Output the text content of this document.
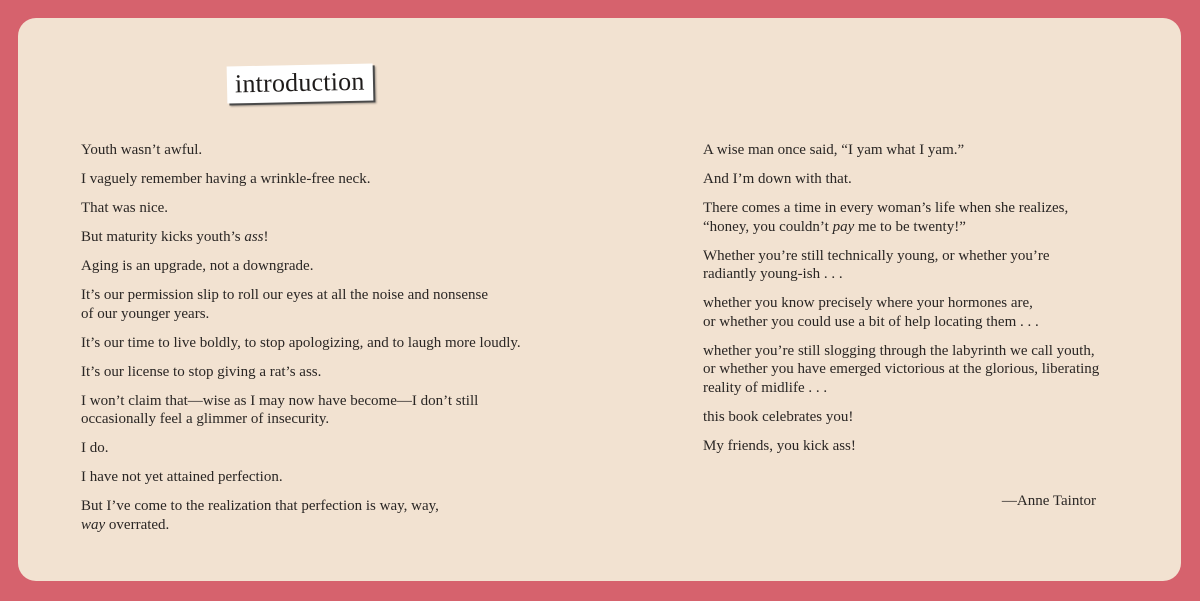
introduction

Youth wasn’t awful.

I vaguely remember having a wrinkle-free neck.

That was nice.

But maturity kicks youth’s ass!

Aging is an upgrade, not a downgrade.

It’s our permission slip to roll our eyes at all the noise and nonsense
of our younger years.

It’s our time to live boldly, to stop apologizing, and to laugh more loudly.

It’s our license to stop giving a rat’s ass.

I won’t claim that—wise as I may now have become—I don’t still
occasionally feel a glimmer of insecurity.

I do.

I have not yet attained perfection.

But I’ve come to the realization that perfection is way, way,
way overrated.

A wise man once said, “I yam what I yam.”

And I’m down with that.

There comes a time in every woman’s life when she realizes,
“honey, you couldn’t pay me to be twenty!”

Whether you’re still technically young, or whether you’re
radiantly young-ish . . .

whether you know precisely where your hormones are,
or whether you could use a bit of help locating them . . .

whether you’re still slogging through the labyrinth we call youth,
or whether you have emerged victorious at the glorious, liberating
reality of midlife . . .

this book celebrates you!

My friends, you kick ass!

—Anne Taintor
